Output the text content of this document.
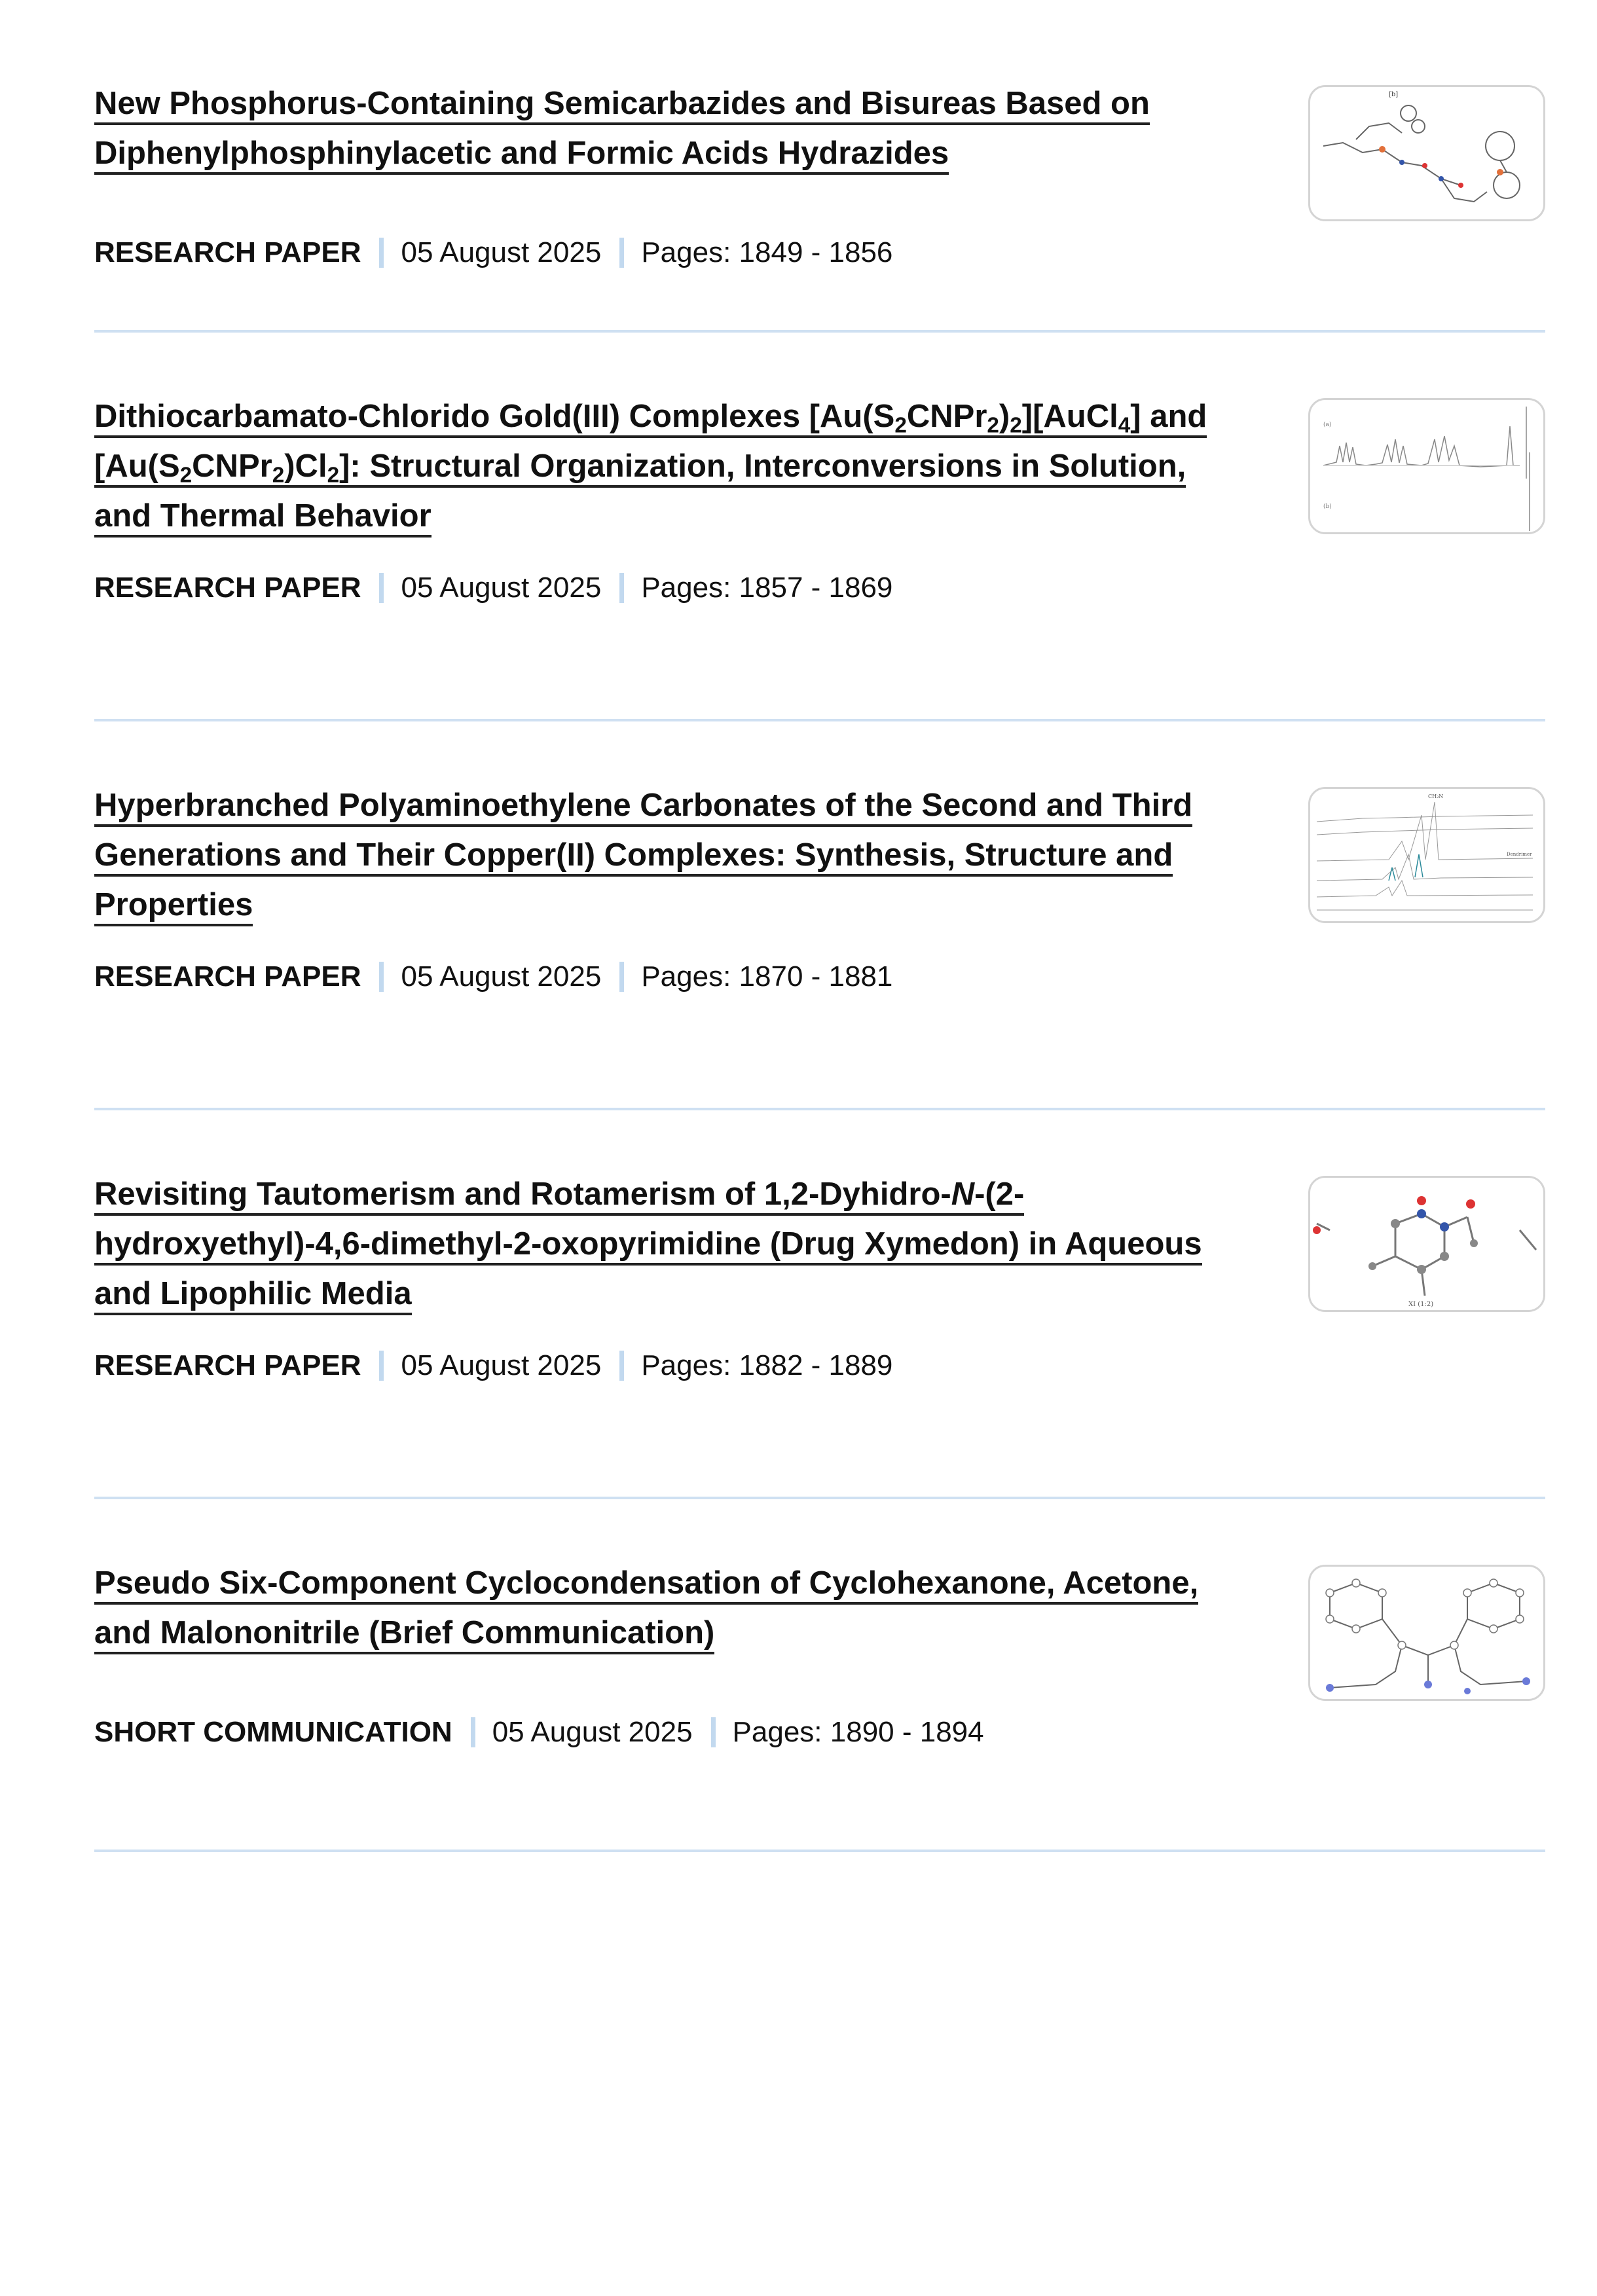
New Phosphorus-Containing Semicarbazides and Bisureas Based on
Diphenylphosphinylacetic and Formic Acids Hydrazides
RESEARCH PAPER 05 August 2025 Pages: 1849 - 1856
[b]
Dithiocarbamato-Chlorido Gold(III) Complexes $[Au(S_2CNPr_2)_2][AuCl_4]$ and
$[Au(S_2CNPr_2)Cl_2]$: Structural Organization, Interconversions in Solution,
and Thermal Behavior
RESEARCH PAPER 05 August 2025 Pages: 1857 - 1869
(a)
(b)
Hyperbranched Polyaminoethylene Carbonates of the Second and Third
Generations and Their Copper(II) Complexes: Synthesis, Structure and
Properties
RESEARCH PAPER 05 August 2025 Pages: 1870 - 1881
CH₂N
Dendrimer
Revisiting Tautomerism and Rotamerism of 1,2-Dyhidro-N-(2-
hydroxyethyl)-4,6-dimethyl-2-oxopyrimidine (Drug Xymedon) in Aqueous
and Lipophilic Media
RESEARCH PAPER 05 August 2025 Pages: 1882 - 1889
XI (1:2)
Pseudo Six-Component Cyclocondensation of Cyclohexanone, Acetone,
and Malononitrile (Brief Communication)
SHORT COMMUNICATION 05 August 2025 Pages: 1890 - 1894
